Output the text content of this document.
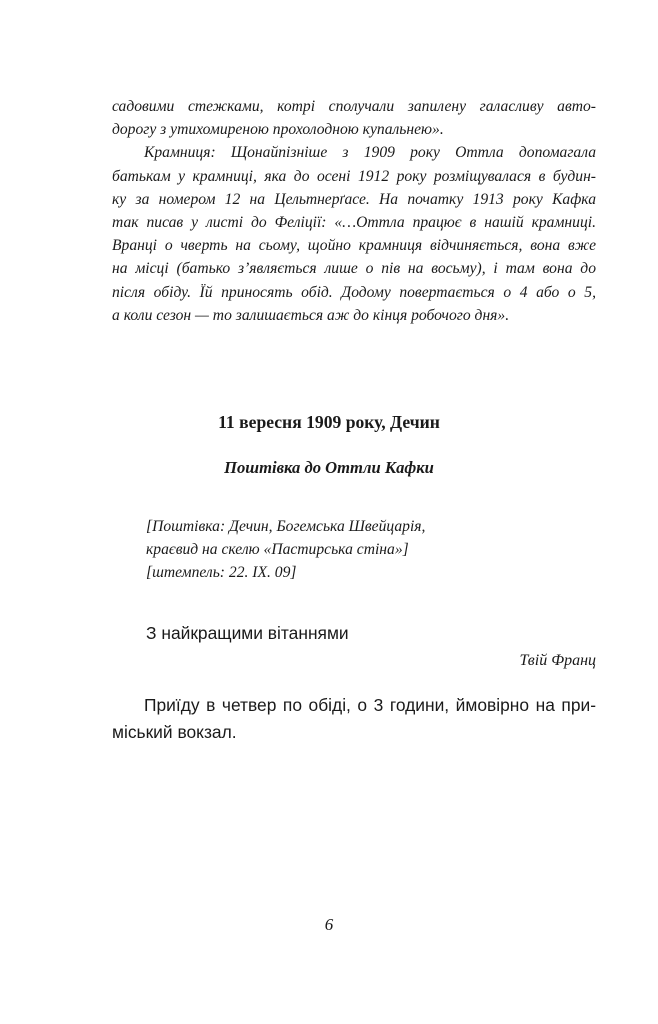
садовими стежками, котрі сполучали запилену галасливу авто-
дорогу з утихомиреною прохолодною купальнею».

Крамниця: Щонайпізніше з 1909 року Оттла допомагала
батькам у крамниці, яка до осені 1912 року розміщувалася в будин-
ку за номером 12 на Цельтнерґасе. На початку 1913 року Кафка
так писав у листі до Феліції: «…Оттла працює в нашій крамниці.
Вранці о чверть на сьому, щойно крамниця відчиняється, вона вже
на місці (батько з’являється лише о пів на восьму), і там вона до
після обіду. Їй приносять обід. Додому повертається о 4 або о 5,
а коли сезон — то залишається аж до кінця робочого дня».

11 вересня 1909 року, Дечин
Поштівка до Оттли Кафки
[Поштівка: Дечин, Богемська Швейцарія,
краєвид на скелю «Пастирська стіна»]
[штемпель: 22. IX. 09]
З найкращими вітаннями
Твій Франц
Приїду в четвер по обіді, о 3 години, ймовірно на при-
міський вокзал.
6
